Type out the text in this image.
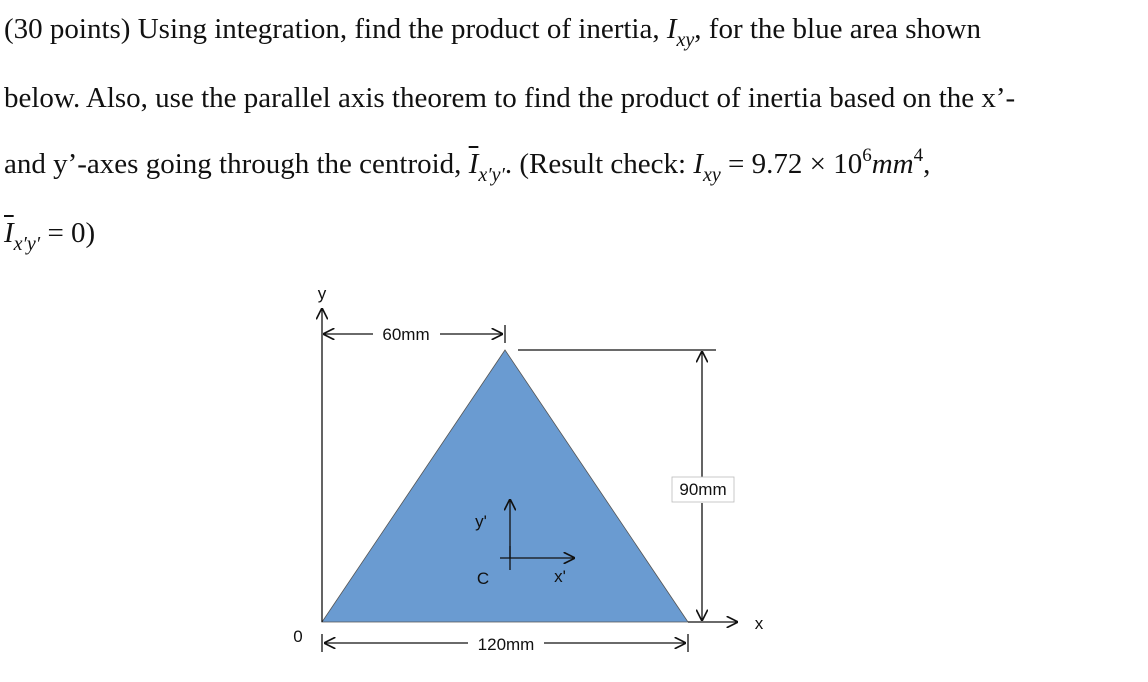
(30 points) Using integration, find the product of inertia, $I_{xy}$, for the blue area shown

below. Also, use the parallel axis theorem to find the product of inertia based on the x’-

and y’-axes going through the centroid, $\overline{I}_{x'y'}$. (Result check: $I_{xy} = 9.72 \times 10^6mm^4$,

$\overline{I}_{x'y'} = 0$)

60mm
90mm
120mm
y
x
0
y'
C	x'
